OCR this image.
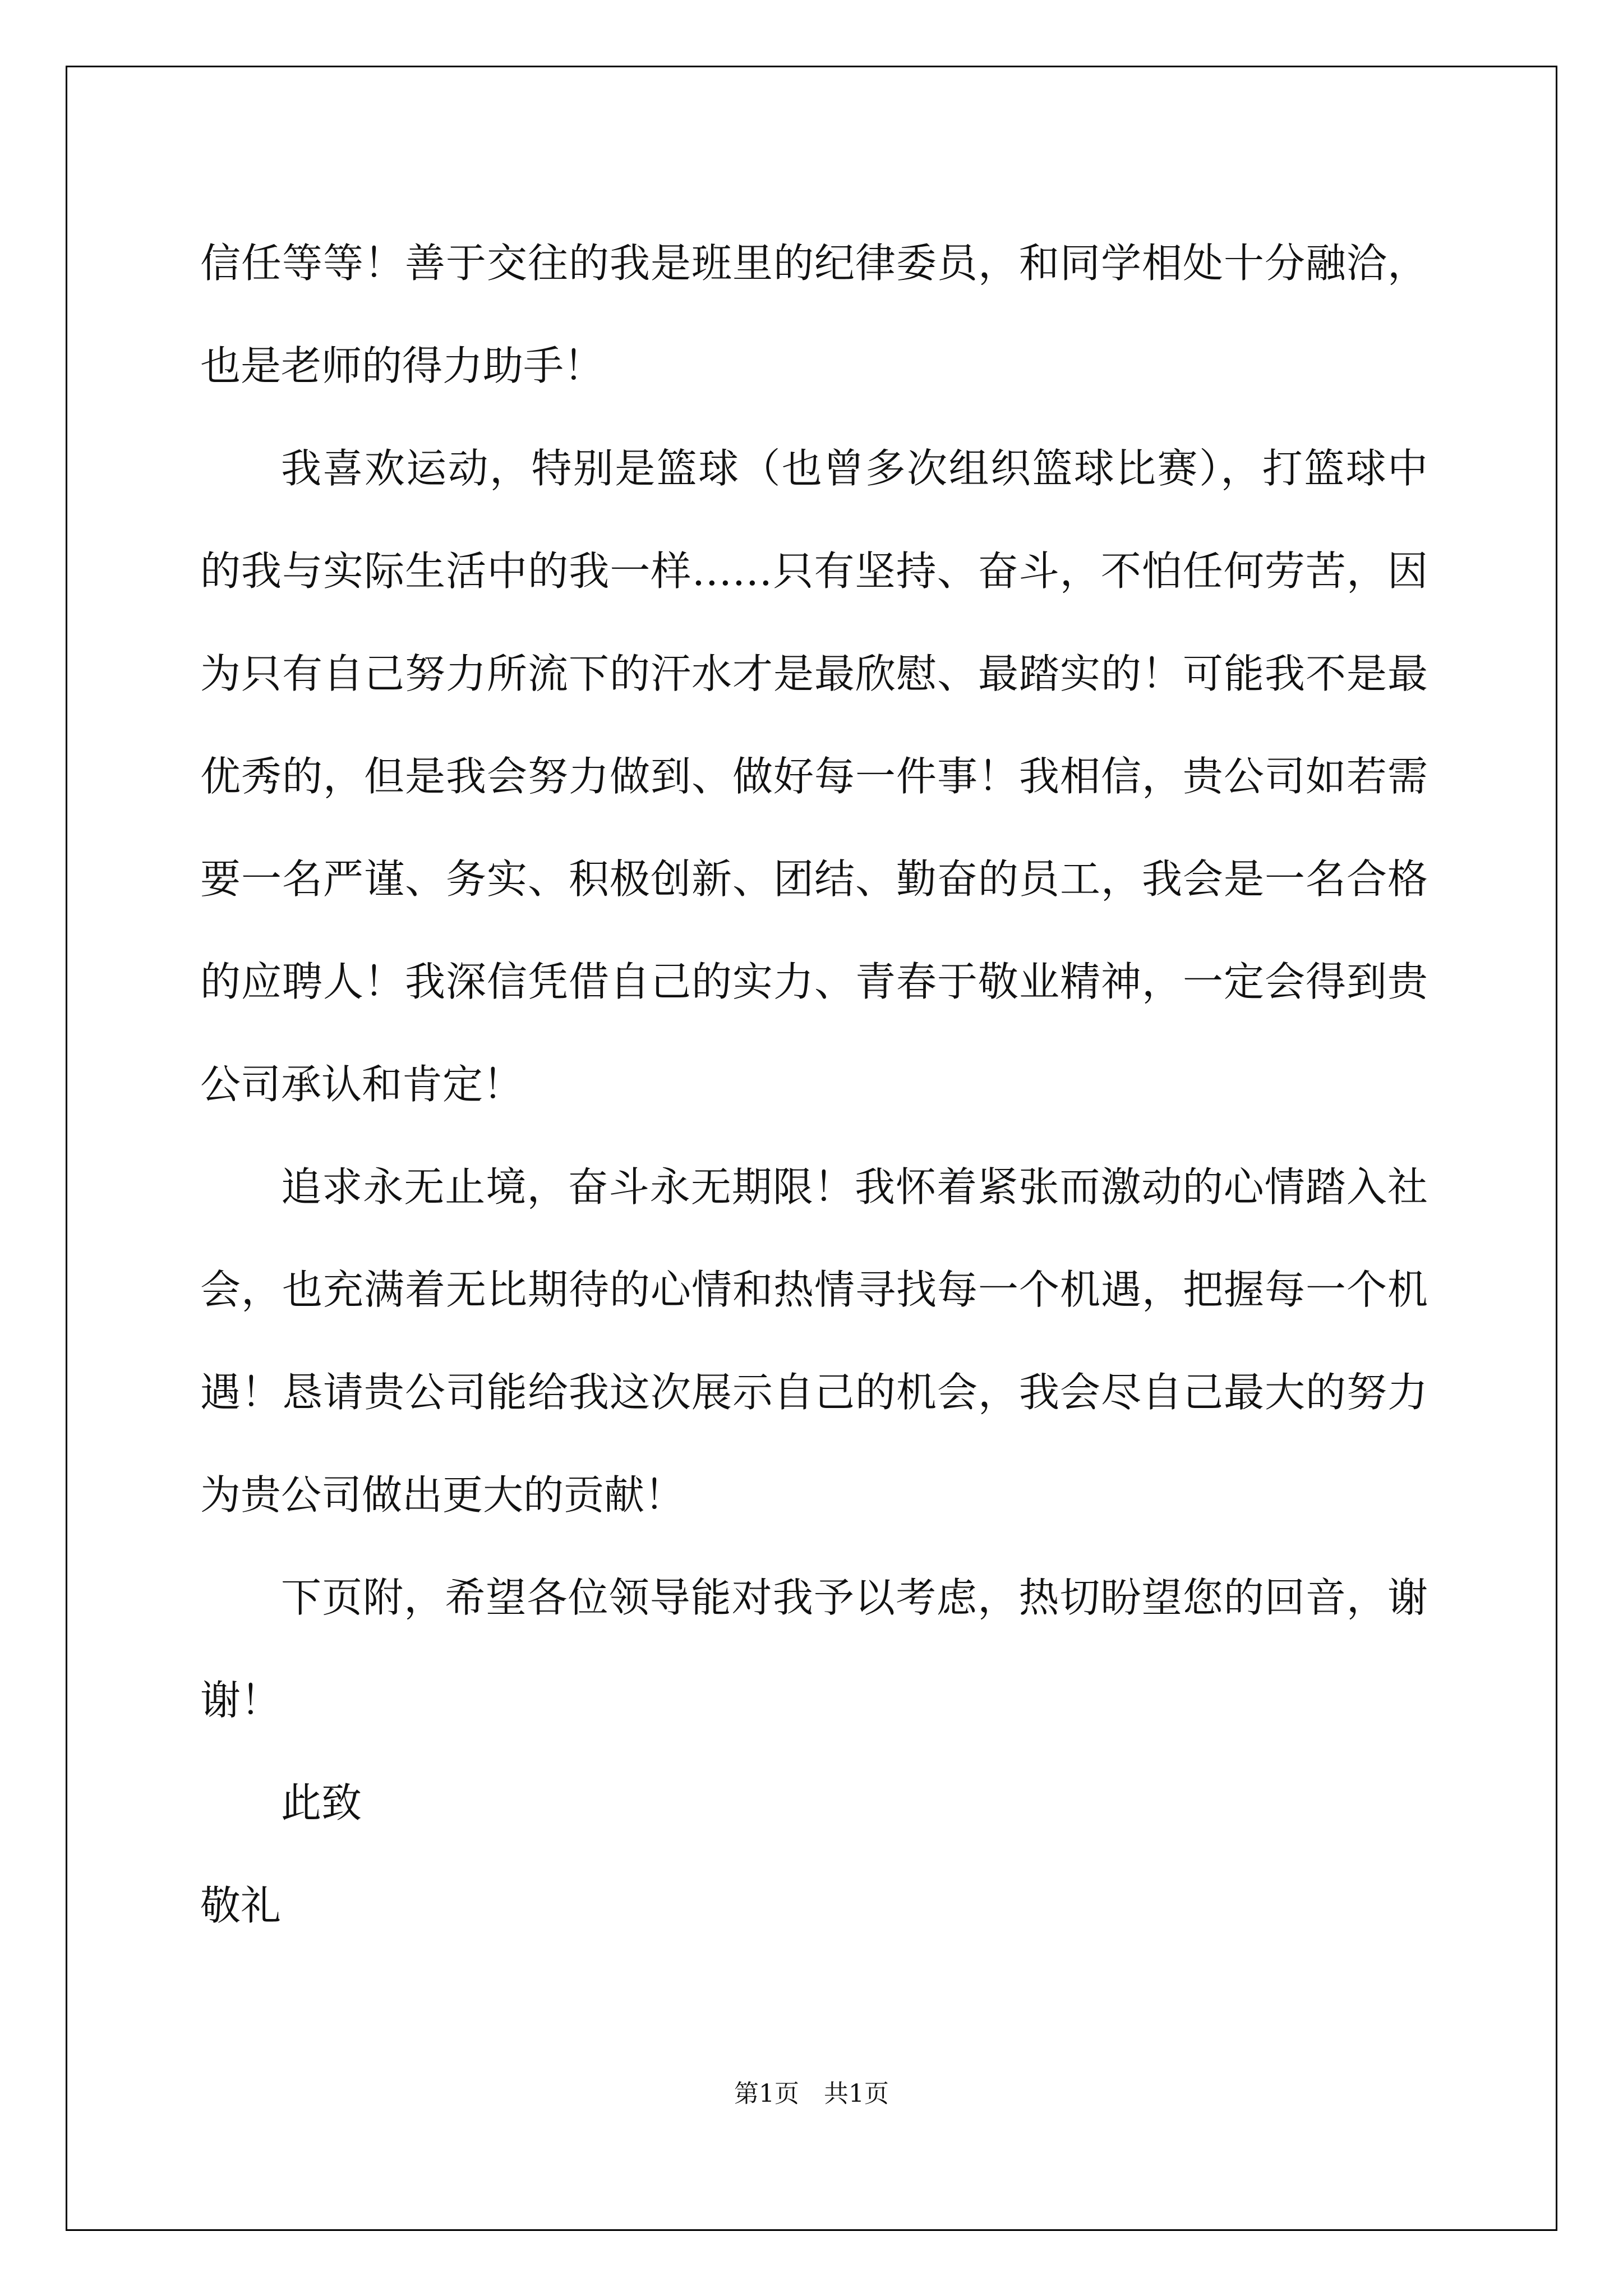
信任等等！善于交往的我是班里的纪律委员，和同学相处十分融洽，也是老师的得力助手！

我喜欢运动，特别是篮球（也曾多次组织篮球比赛），打篮球中的我与实际生活中的我一样……只有坚持、奋斗，不怕任何劳苦，因为只有自己努力所流下的汗水才是最欣慰、最踏实的！可能我不是最优秀的，但是我会努力做到、做好每一件事！我相信，贵公司如若需要一名严谨、务实、积极创新、团结、勤奋的员工，我会是一名合格的应聘人！我深信凭借自己的实力、青春于敬业精神，一定会得到贵公司承认和肯定！

追求永无止境，奋斗永无期限！我怀着紧张而激动的心情踏入社会，也充满着无比期待的心情和热情寻找每一个机遇，把握每一个机遇！恳请贵公司能给我这次展示自己的机会，我会尽自己最大的努力为贵公司做出更大的贡献！

下页附，希望各位领导能对我予以考虑，热切盼望您的回音，谢谢！

此致

敬礼

第1页　共1页
